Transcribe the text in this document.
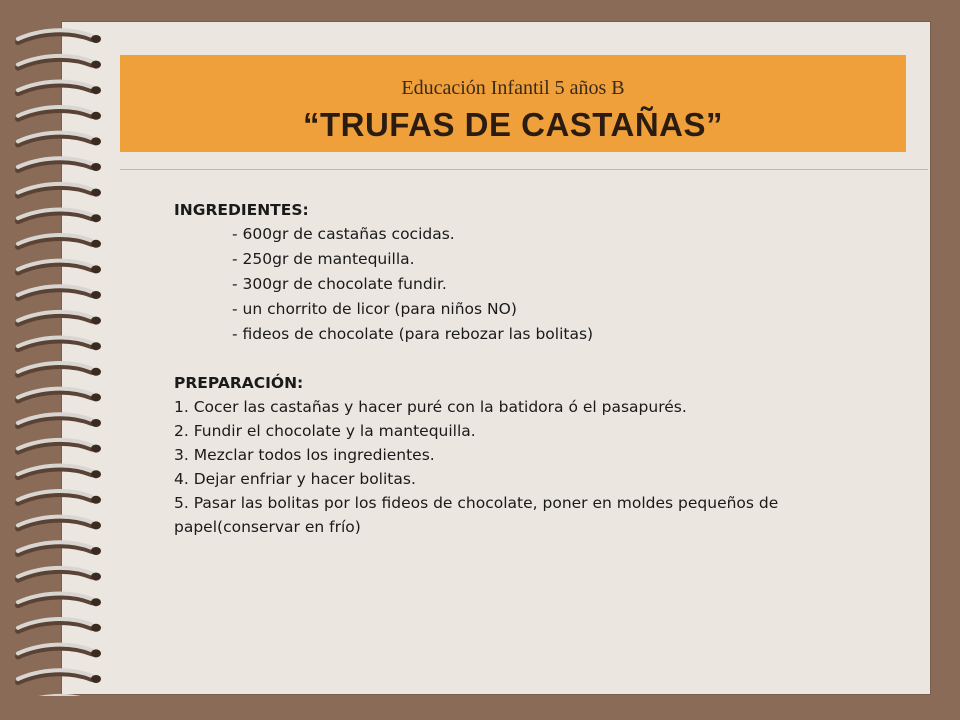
Educación Infantil 5 años B
“TRUFAS DE CASTAÑAS”
INGREDIENTES:
- 600gr de castañas cocidas.
- 250gr de mantequilla.
- 300gr de chocolate fundir.
- un chorrito de licor (para niños NO)
- fideos de chocolate (para rebozar las bolitas)
PREPARACIÓN:
1. Cocer las castañas y hacer puré con la batidora ó el pasapurés.
2. Fundir el chocolate y la mantequilla.
3. Mezclar todos los ingredientes.
4. Dejar enfriar y hacer bolitas.
5. Pasar las bolitas por los fideos de chocolate, poner en moldes pequeños de papel(conservar en frío)
